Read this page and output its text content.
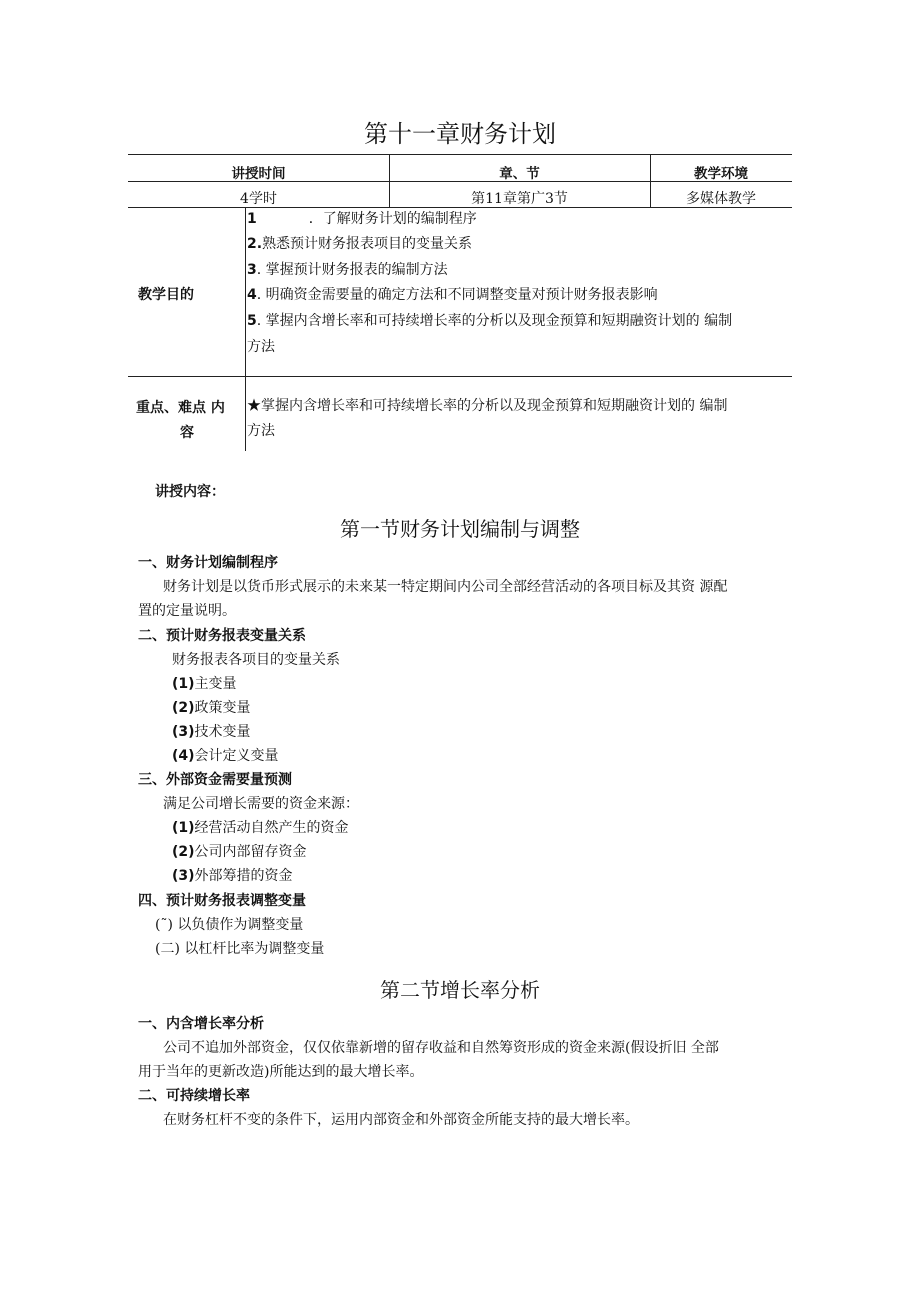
第十一章财务计划
讲授时间	章、节	教学环境
4学时	第11章第广3节	多媒体教学
教学目的
1	．了解财务计划的编制程序
2.熟悉预计财务报表项目的变量关系
3. 掌握预计财务报表的编制方法
4. 明确资金需要量的确定方法和不同调整变量对预计财务报表影响
5. 掌握内含增长率和可持续增长率的分析以及现金预算和短期融资计划的 编制
方法
重点、难点 内
容
★掌握内含增长率和可持续增长率的分析以及现金预算和短期融资计划的 编制
方法
讲授内容：
第一节财务计划编制与调整
一、财务计划编制程序
财务计划是以货币形式展示的未来某一特定期间内公司全部经营活动的各项目标及其资 源配
置的定量说明。
二、预计财务报表变量关系
财务报表各项目的变量关系
(1)主变量
(2)政策变量
(3)技术变量
(4)会计定义变量
三、外部资金需要量预测
满足公司增长需要的资金来源：
(1)经营活动自然产生的资金
(2)公司内部留存资金
(3)外部筹措的资金
四、预计财务报表调整变量
(῀) 以负债作为调整变量
(二) 以杠杆比率为调整变量
第二节增长率分析
一、内含增长率分析
公司不追加外部资金，仅仅依靠新增的留存收益和自然筹资形成的资金来源(假设折旧 全部
用于当年的更新改造)所能达到的最大增长率。
二、可持续增长率
在财务杠杆不变的条件下，运用内部资金和外部资金所能支持的最大增长率。
